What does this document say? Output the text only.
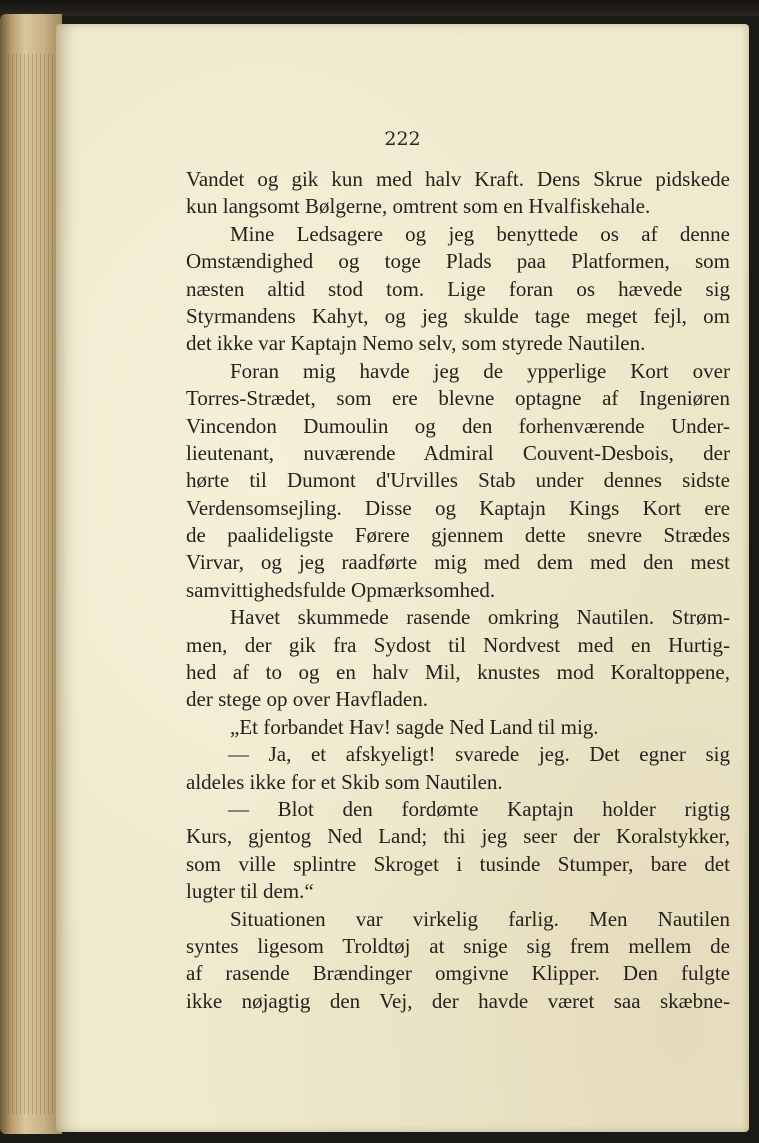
222
Vandet og gik kun med halv Kraft. Dens Skrue pidskede
kun langsomt Bølgerne, omtrent som en Hvalfiskehale.
Mine Ledsagere og jeg benyttede os af denne
Omstændighed og toge Plads paa Platformen, som
næsten altid stod tom. Lige foran os hævede sig
Styrmandens Kahyt, og jeg skulde tage meget fejl, om
det ikke var Kaptajn Nemo selv, som styrede Nautilen.
Foran mig havde jeg de ypperlige Kort over
Torres-Strædet, som ere blevne optagne af Ingeniøren
Vincendon Dumoulin og den forhenværende Under-
lieutenant, nuværende Admiral Couvent-Desbois, der
hørte til Dumont d'Urvilles Stab under dennes sidste
Verdensomsejling. Disse og Kaptajn Kings Kort ere
de paalideligste Førere gjennem dette snevre Strædes
Virvar, og jeg raadførte mig med dem med den mest
samvittighedsfulde Opmærksomhed.
Havet skummede rasende omkring Nautilen. Strøm-
men, der gik fra Sydost til Nordvest med en Hurtig-
hed af to og en halv Mil, knustes mod Koraltoppene,
der stege op over Havfladen.
„Et forbandet Hav! sagde Ned Land til mig.
— Ja, et afskyeligt! svarede jeg. Det egner sig
aldeles ikke for et Skib som Nautilen.
— Blot den fordømte Kaptajn holder rigtig
Kurs, gjentog Ned Land; thi jeg seer der Koralstykker,
som ville splintre Skroget i tusinde Stumper, bare det
lugter til dem.“
Situationen var virkelig farlig. Men Nautilen
syntes ligesom Troldtøj at snige sig frem mellem de
af rasende Brændinger omgivne Klipper. Den fulgte
ikke nøjagtig den Vej, der havde været saa skæbne-
